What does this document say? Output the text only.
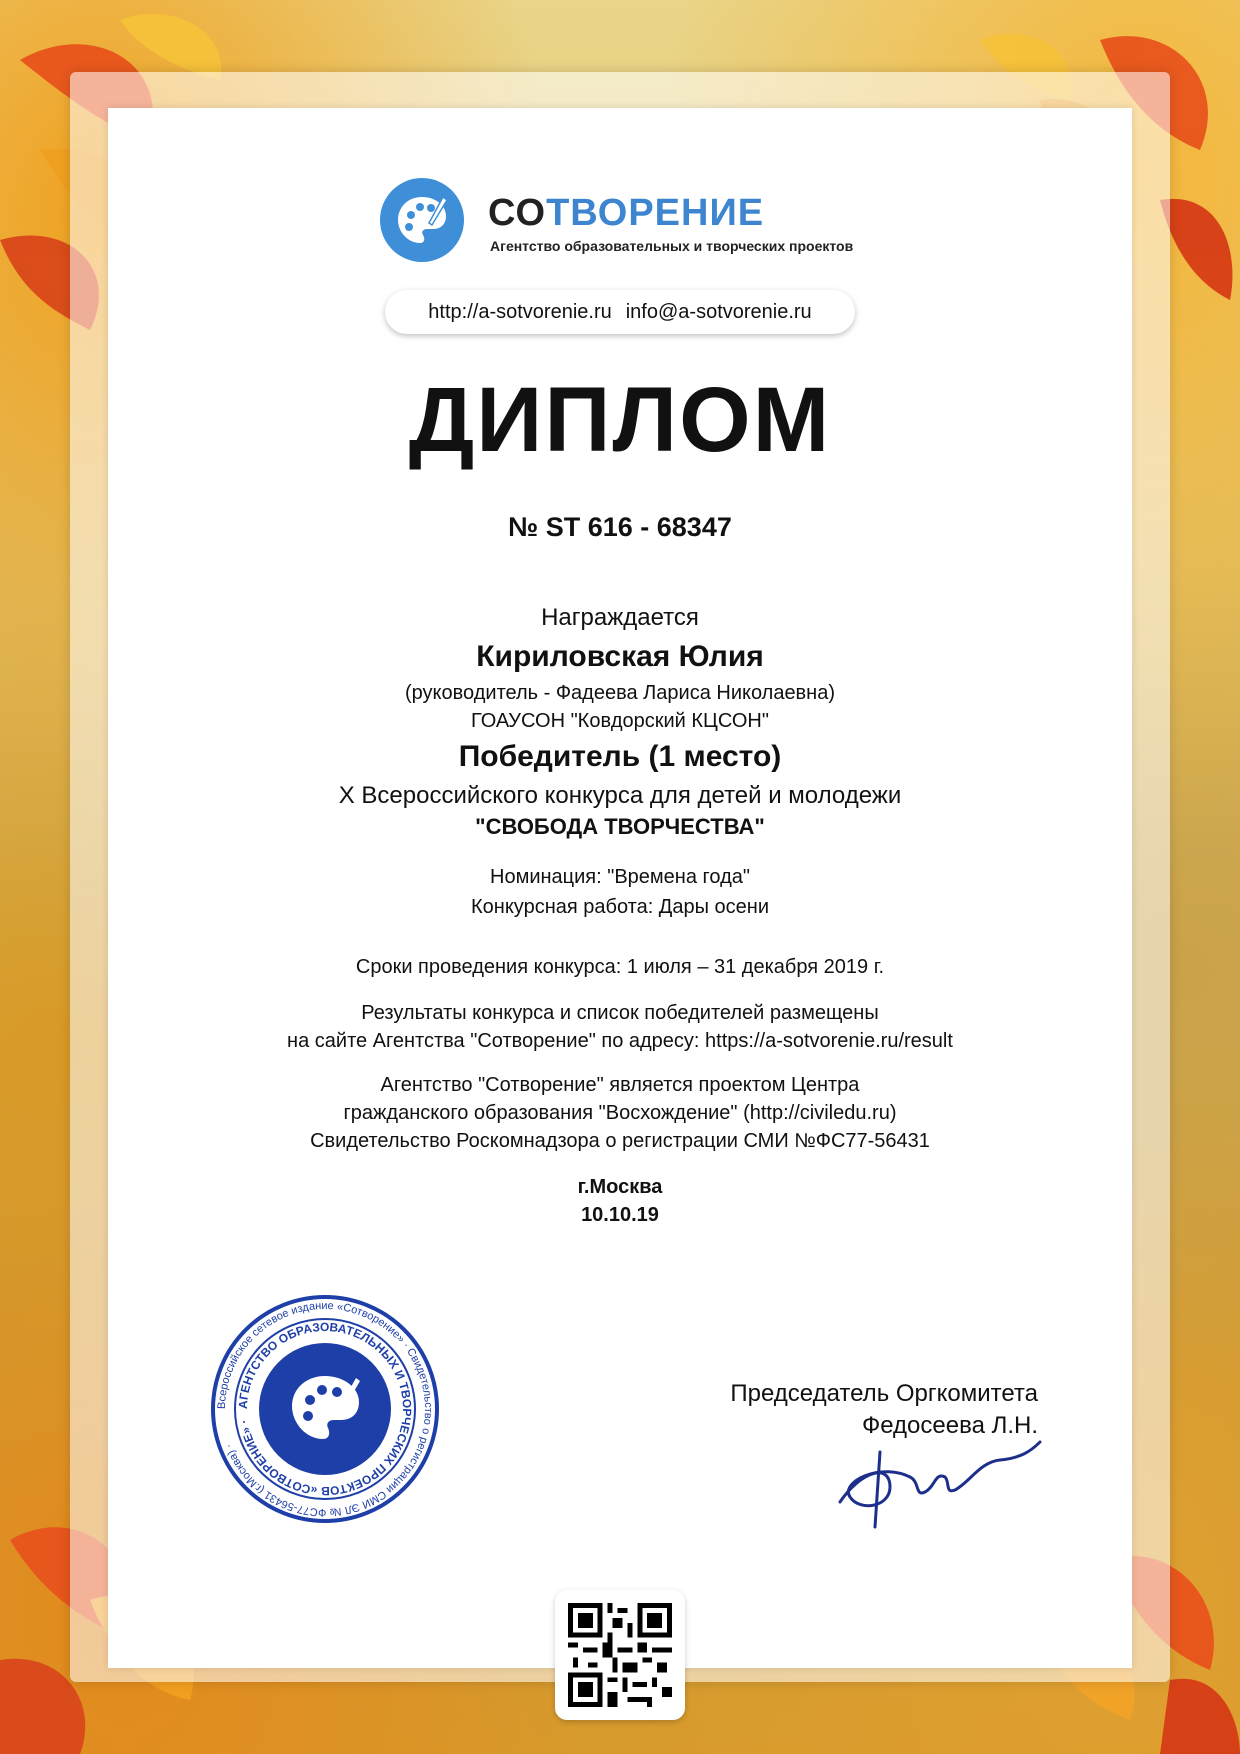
СОТВОРЕНИЕ
Агентство образовательных и творческих проектов
http://a-sotvorenie.ru info@a-sotvorenie.ru
ДИПЛОМ
№ ST 616 - 68347
Награждается
Кириловская Юлия
(руководитель - Фадеева Лариса Николаевна)
ГОАУСОН "Ковдорский КЦСОН"
Победитель (1 место)
X Всероссийского конкурса для детей и молодежи
"СВОБОДА ТВОРЧЕСТВА"
Номинация: "Времена года"
Конкурсная работа: Дары осени
Сроки проведения конкурса: 1 июля – 31 декабря 2019 г.
Результаты конкурса и список победителей размещены
на сайте Агентства "Сотворение" по адресу: https://a-sotvorenie.ru/result
Агентство "Сотворение" является проектом Центра
гражданского образования "Восхождение" (http://civiledu.ru)
Свидетельство Роскомнадзора о регистрации СМИ №ФС77-56431
г.Москва
10.10.19
Всероссийское сетевое издание «Сотворение» · Свидетельство о регистрации СМИ ЭЛ № ФС77-56431 (г.Москва) ·
АГЕНТСТВО ОБРАЗОВАТЕЛЬНЫХ И ТВОРЧЕСКИХ ПРОЕКТОВ «СОТВОРЕНИЕ» ·
Председатель Оргкомитета
Федосеева Л.Н.
